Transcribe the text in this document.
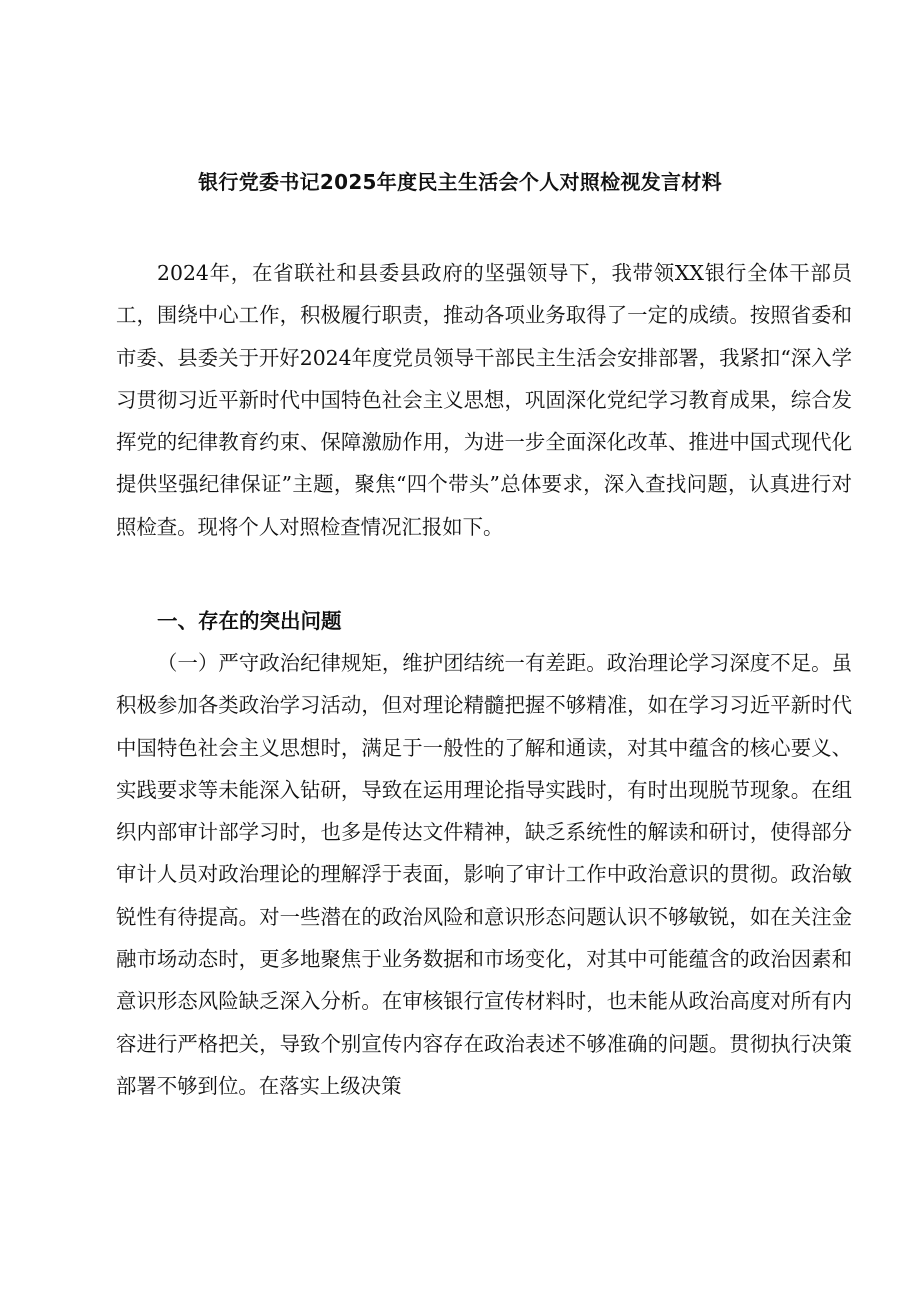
银行党委书记2025年度民主生活会个人对照检视发言材料

2024年，在省联社和县委县政府的坚强领导下，我带领XX银行全体干部员工，围绕中心工作，积极履行职责，推动各项业务取得了一定的成绩。按照省委和市委、县委关于开好2024年度党员领导干部民主生活会安排部署，我紧扣“深入学习贯彻习近平新时代中国特色社会主义思想，巩固深化党纪学习教育成果，综合发挥党的纪律教育约束、保障激励作用，为进一步全面深化改革、推进中国式现代化提供坚强纪律保证”主题，聚焦“四个带头”总体要求，深入查找问题，认真进行对照检查。现将个人对照检查情况汇报如下。

一、存在的突出问题

（一）严守政治纪律规矩，维护团结统一有差距。政治理论学习深度不足。虽积极参加各类政治学习活动，但对理论精髓把握不够精准，如在学习习近平新时代中国特色社会主义思想时，满足于一般性的了解和通读，对其中蕴含的核心要义、实践要求等未能深入钻研，导致在运用理论指导实践时，有时出现脱节现象。在组织内部审计部学习时，也多是传达文件精神，缺乏系统性的解读和研讨，使得部分审计人员对政治理论的理解浮于表面，影响了审计工作中政治意识的贯彻。政治敏锐性有待提高。对一些潜在的政治风险和意识形态问题认识不够敏锐，如在关注金融市场动态时，更多地聚焦于业务数据和市场变化，对其中可能蕴含的政治因素和意识形态风险缺乏深入分析。在审核银行宣传材料时，也未能从政治高度对所有内容进行严格把关，导致个别宣传内容存在政治表述不够准确的问题。贯彻执行决策部署不够到位。在落实上级决策
